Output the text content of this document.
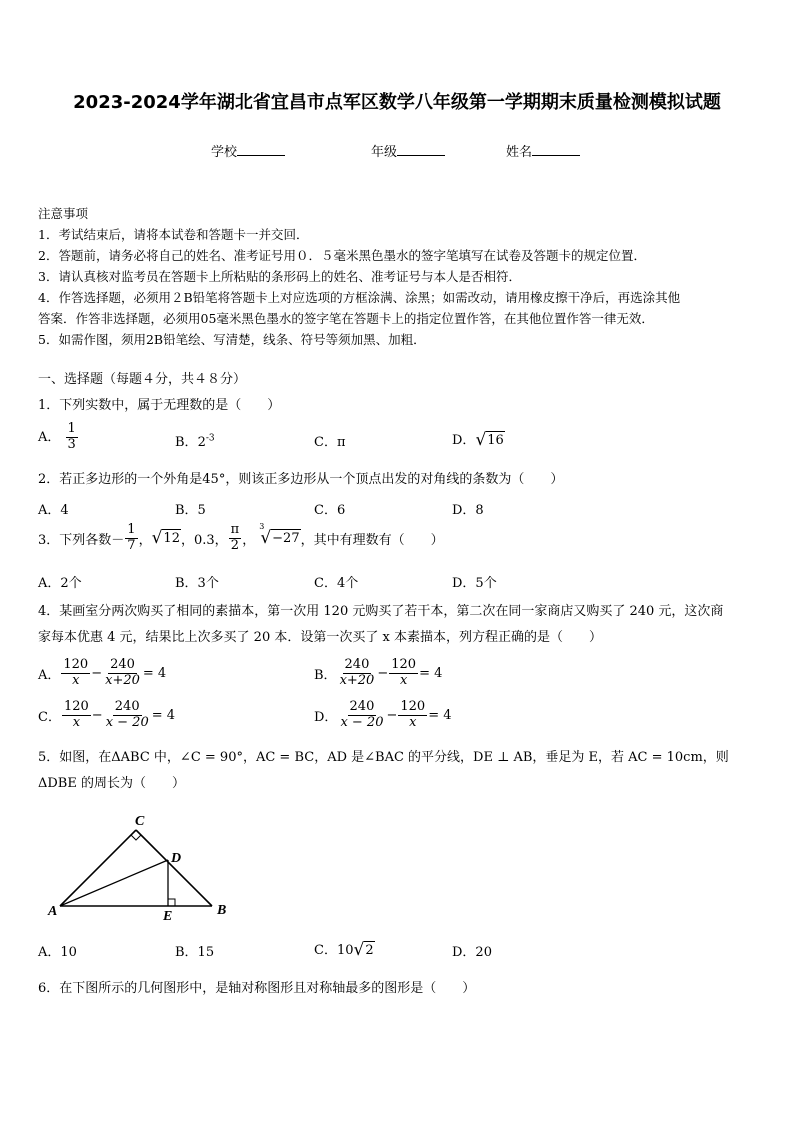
2023-2024学年湖北省宜昌市点军区数学八年级第一学期期末质量检测模拟试题
学校	年级	姓名

注意事项

1．考试结束后，请将本试卷和答题卡一并交回．

2．答题前，请务必将自己的姓名、准考证号用０．５毫米黑色墨水的签字笔填写在试卷及答题卡的规定位置．

3．请认真核对监考员在答题卡上所粘贴的条形码上的姓名、准考证号与本人是否相符．

4．作答选择题，必须用２B铅笔将答题卡上对应选项的方框涂满、涂黑；如需改动，请用橡皮擦干净后，再选涂其他

答案．作答非选择题，必须用05毫米黑色墨水的签字笔在答题卡上的指定位置作答，在其他位置作答一律无效．

5．如需作图，须用2B铅笔绘、写清楚，线条、符号等须加黑、加粗．

一、选择题（每题４分，共４８分）
1．下列实数中，属于无理数的是（　　）
A． $\frac{1}{3}$	B．$2^{-3}$	C．π	D． √ 16
2．若正多边形的一个外角是45°，则该正多边形从一个顶点出发的对角线的条数为（　　）
A．4	B．5	C．6	D．8
3．下列各数－ $\frac{1}{7}$ ， √ 12 ，0.3， $\frac{\pi}{2}$ ，
3
√ −27 ，其中有理数有（　　）
A．2个	B．3个	C．4个	D．5个
4．某画室分两次购买了相同的素描本，第一次用 120 元购买了若干本，第二次在同一家商店又购买了 240 元，这次商
家每本优惠 4 元，结果比上次多买了 20 本．设第一次买了 x 本素描本，列方程正确的是（　　）
A． $\frac{120}{x} - \frac{240}{x+20} = 4$	B． $\frac{240}{x+20} - \frac{120}{x} = 4$
C． $\frac{120}{x} - \frac{240}{x - 20} = 4$	D． $\frac{240}{x - 20} - \frac{120}{x} = 4$
5．如图，在ΔABC 中，∠C = 90°，AC = BC，AD 是∠BAC 的平分线，DE ⊥ AB，垂足为 E，若 AC = 10cm，则
ΔDBE 的周长为（　　）
C
D
A	E	B
A．10	B．15	C．10 √ 2	D．20
6．在下图所示的几何图形中，是轴对称图形且对称轴最多的图形是（　　）
